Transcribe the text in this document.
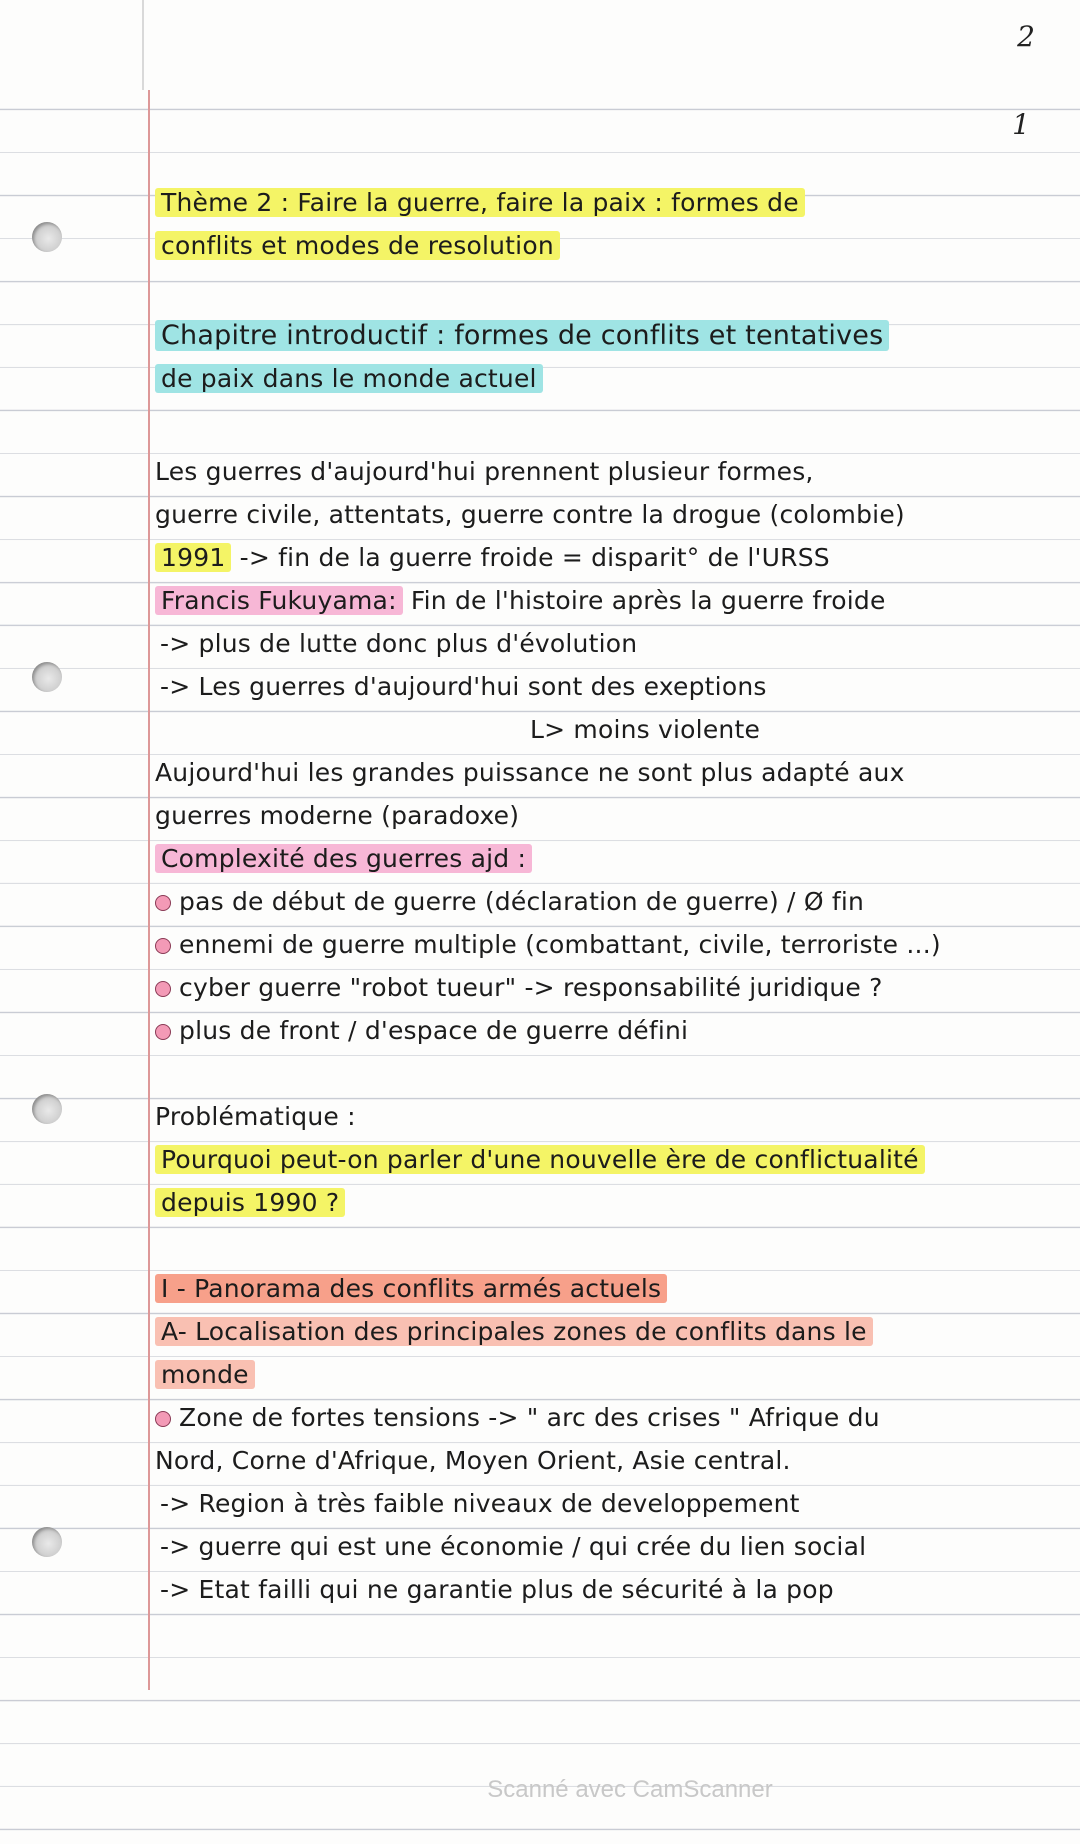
2
1
Thème 2 : Faire la guerre, faire la paix : formes de
conflits et modes de resolution
Chapitre introductif : formes de conflits et tentatives
de paix dans le monde actuel
Les guerres d'aujourd'hui prennent plusieur formes,
guerre civile, attentats, guerre contre la drogue (colombie)
1991 -> fin de la guerre froide = disparit° de l'URSS
Francis Fukuyama: Fin de l'histoire après la guerre froide
-> plus de lutte donc plus d'évolution
-> Les guerres d'aujourd'hui sont des exeptions
L> moins violente
Aujourd'hui les grandes puissance ne sont plus adapté aux
guerres moderne (paradoxe)
Complexité des guerres ajd :
pas de début de guerre (déclaration de guerre) / Ø fin
ennemi de guerre multiple (combattant, civile, terroriste ...)
cyber guerre "robot tueur" -> responsabilité juridique ?
plus de front / d'espace de guerre défini
Problématique :
Pourquoi peut-on parler d'une nouvelle ère de conflictualité
depuis 1990 ?
I - Panorama des conflits armés actuels
A- Localisation des principales zones de conflits dans le
monde
Zone de fortes tensions -> " arc des crises " Afrique du
Nord, Corne d'Afrique, Moyen Orient, Asie central.
-> Region à très faible niveaux de developpement
-> guerre qui est une économie / qui crée du lien social
-> Etat failli qui ne garantie plus de sécurité à la pop
Scanné avec CamScanner
